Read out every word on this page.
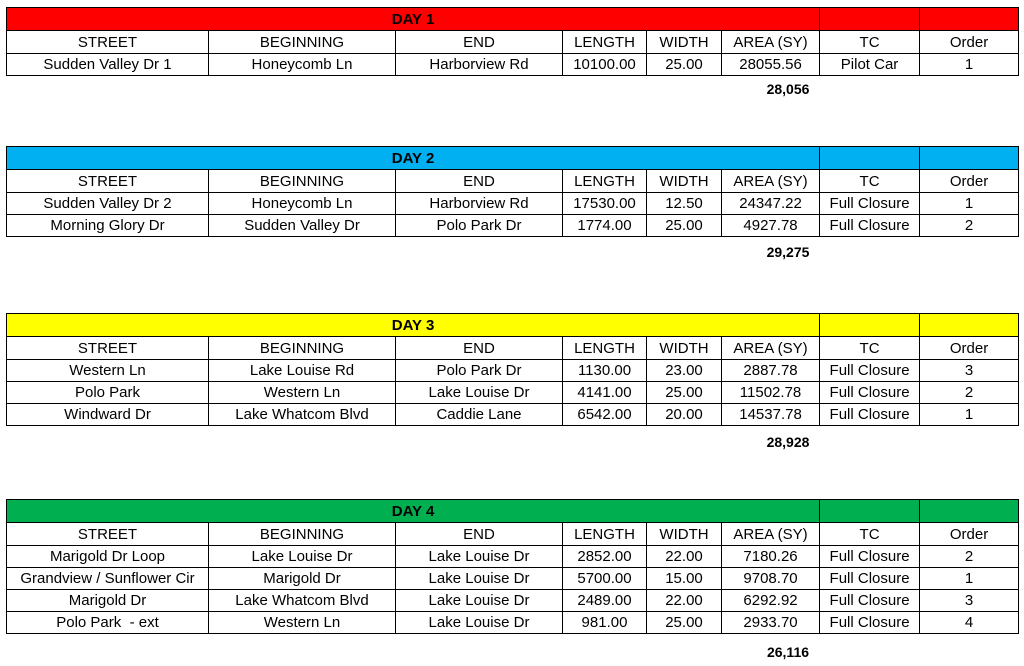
DAY 1							
STREET	BEGINNING	END	LENGTH	WIDTH	AREA (SY)	TC	Order
Sudden Valley Dr 1	Honeycomb Ln	Harborview Rd	10100.00	25.00	28055.56	Pilot Car	1
28,056
DAY 2							
STREET	BEGINNING	END	LENGTH	WIDTH	AREA (SY)	TC	Order
Sudden Valley Dr 2	Honeycomb Ln	Harborview Rd	17530.00	12.50	24347.22	Full Closure	1
Morning Glory Dr	Sudden Valley Dr	Polo Park Dr	1774.00	25.00	4927.78	Full Closure	2
29,275
DAY 3							
STREET	BEGINNING	END	LENGTH	WIDTH	AREA (SY)	TC	Order
Western Ln	Lake Louise Rd	Polo Park Dr	1130.00	23.00	2887.78	Full Closure	3
Polo Park	Western Ln	Lake Louise Dr	4141.00	25.00	11502.78	Full Closure	2
Windward Dr	Lake Whatcom Blvd	Caddie Lane	6542.00	20.00	14537.78	Full Closure	1
28,928
DAY 4							
STREET	BEGINNING	END	LENGTH	WIDTH	AREA (SY)	TC	Order
Marigold Dr Loop	Lake Louise Dr	Lake Louise Dr	2852.00	22.00	7180.26	Full Closure	2
Grandview / Sunflower Cir	Marigold Dr	Lake Louise Dr	5700.00	15.00	9708.70	Full Closure	1
Marigold Dr	Lake Whatcom Blvd	Lake Louise Dr	2489.00	22.00	6292.92	Full Closure	3
Polo Park  - ext	Western Ln	Lake Louise Dr	981.00	25.00	2933.70	Full Closure	4
26,116
